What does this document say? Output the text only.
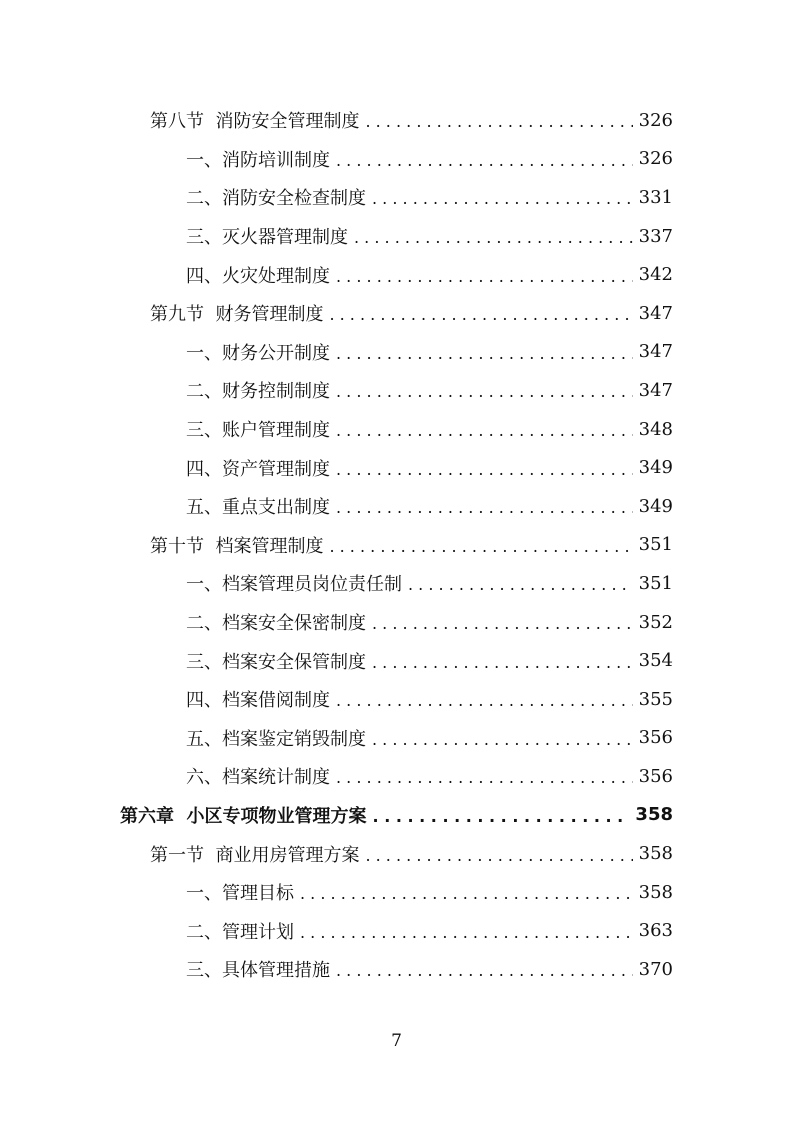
第八节  消防安全管理制度 . . .	326
一、消防培训制度 . . .	326
二、消防安全检查制度 . . .	331
三、灭火器管理制度 . . .	337
四、火灾处理制度 . . .	342
第九节  财务管理制度 . . .	347
一、财务公开制度 . . .	347
二、财务控制制度 . . .	347
三、账户管理制度 . . .	348
四、资产管理制度 . . .	349
五、重点支出制度 . . .	349
第十节  档案管理制度 . . .	351
一、档案管理员岗位责任制 . . .	351
二、档案安全保密制度 . . .	352
三、档案安全保管制度 . . .	354
四、档案借阅制度 . . .	355
五、档案鉴定销毁制度 . . .	356
六、档案统计制度 . . .	356
第六章  小区专项物业管理方案 . . .	358
第一节  商业用房管理方案 . . .	358
一、管理目标 . . .	358
二、管理计划 . . .	363
三、具体管理措施 . . .	370
7
